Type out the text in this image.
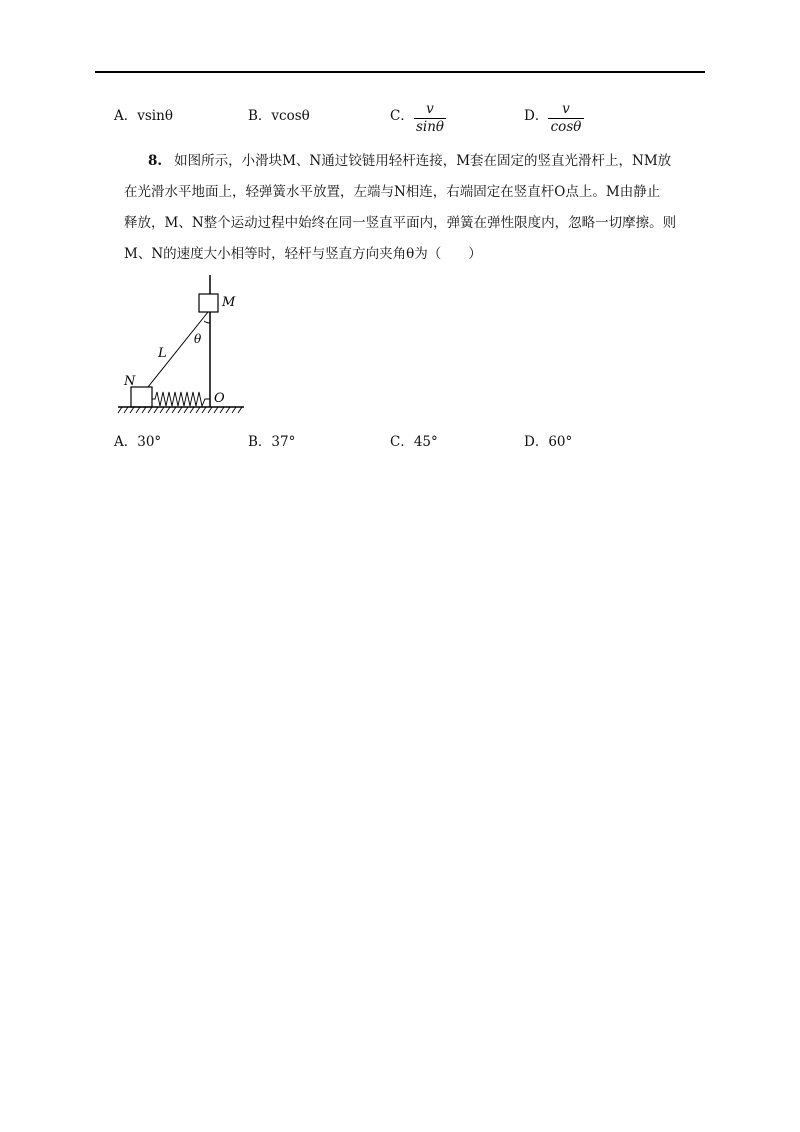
A．vsinθ	B．vcosθ	C． v
sinθ
D．	v
cosθ
8. 如图所示，小滑块M、N通过铰链用轻杆连接，M套在固定的竖直光滑杆上，NM放
在光滑水平地面上，轻弹簧水平放置，左端与N相连，右端固定在竖直杆O点上。M由静止
释放，M、N整个运动过程中始终在同一竖直平面内，弹簧在弹性限度内，忽略一切摩擦。则
M、N的速度大小相等时，轻杆与竖直方向夹角θ为（　　）
M
N
L
θ
O
A．30°	B．37°	C．45°	D．60°
